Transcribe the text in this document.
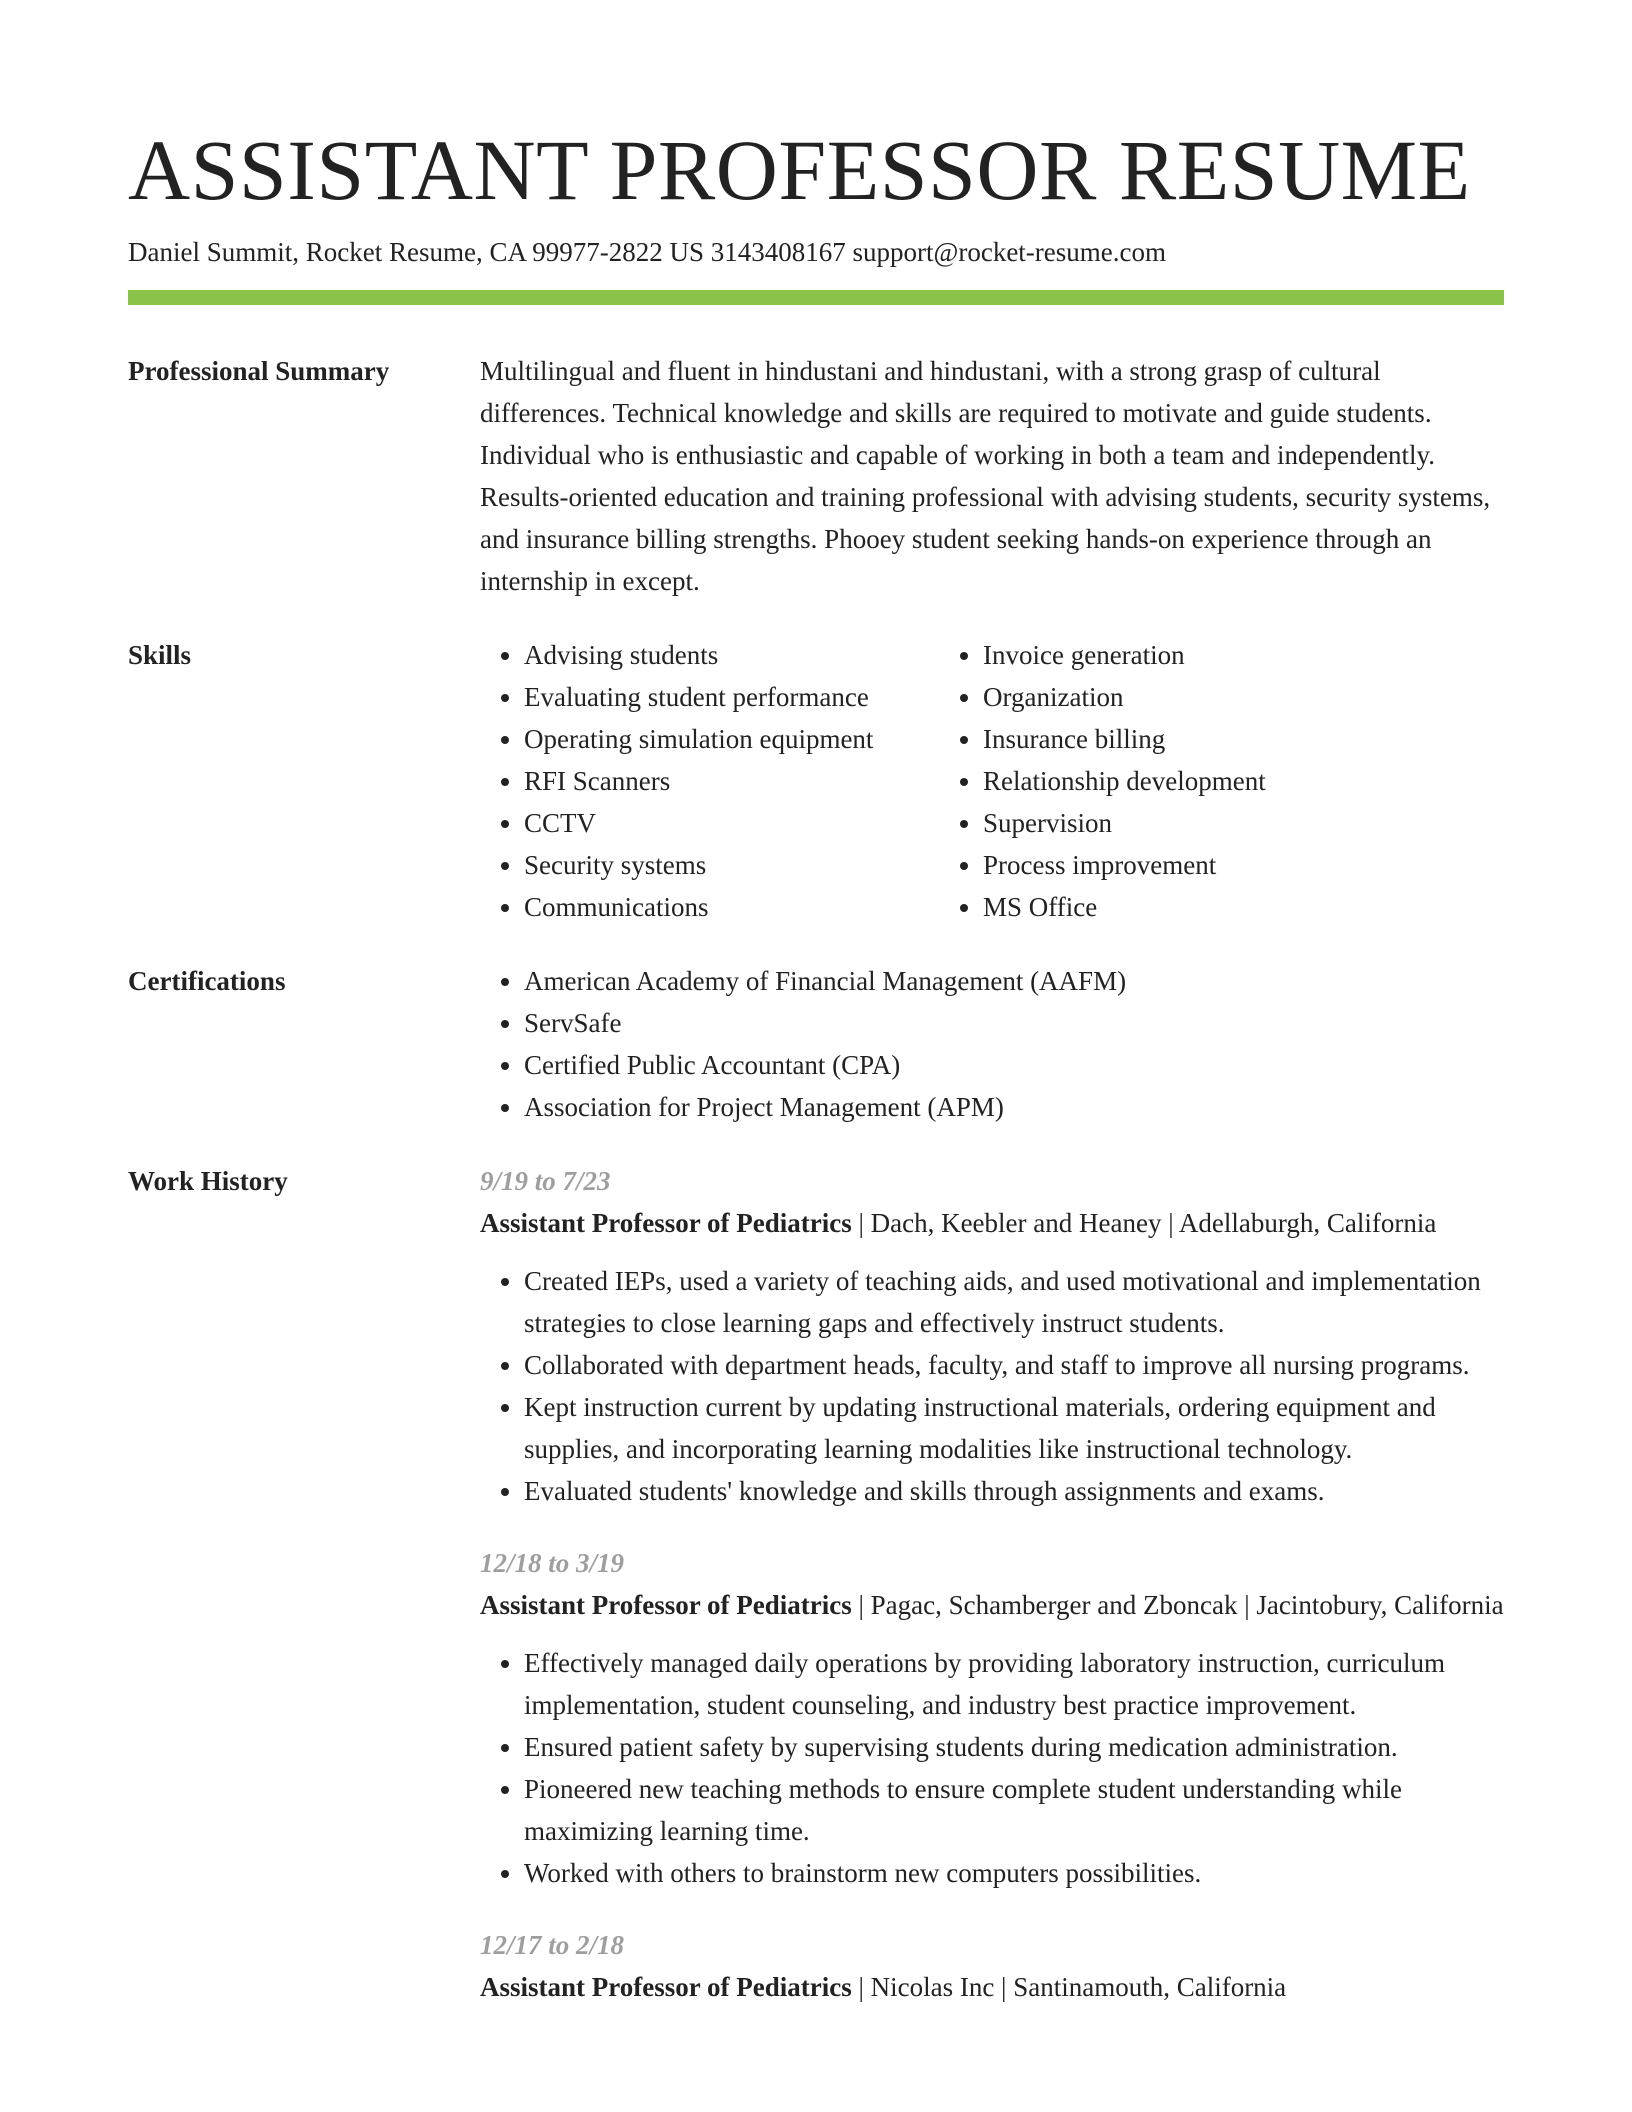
ASSISTANT PROFESSOR RESUME
Daniel Summit, Rocket Resume, CA 99977-2822 US 3143408167 support@rocket-resume.com
Professional Summary	Multilingual and fluent in hindustani and hindustani, with a strong grasp of cultural differences. Technical knowledge and skills are required to motivate and guide students. Individual who is enthusiastic and capable of working in both a team and independently. Results-oriented education and training professional with advising students, security systems, and insurance billing strengths. Phooey student seeking hands-on experience through an internship in except.

Skills	• Advising students
• Evaluating student performance
• Operating simulation equipment
• RFI Scanners
• CCTV
• Security systems
• Communications
• Invoice generation
• Organization
• Insurance billing
• Relationship development
• Supervision
• Process improvement
• MS Office
Certifications	• American Academy of Financial Management (AAFM)
• ServSafe
• Certified Public Accountant (CPA)
• Association for Project Management (APM)
Work History	9/19 to 7/23
Assistant Professor of Pediatrics | Dach, Keebler and Heaney | Adellaburgh, California
• Created IEPs, used a variety of teaching aids, and used motivational and implementation strategies to close learning gaps and effectively instruct students.
• Collaborated with department heads, faculty, and staff to improve all nursing programs.
• Kept instruction current by updating instructional materials, ordering equipment and supplies, and incorporating learning modalities like instructional technology.
• Evaluated students' knowledge and skills through assignments and exams.
12/18 to 3/19
Assistant Professor of Pediatrics | Pagac, Schamberger and Zboncak | Jacintobury, California
• Effectively managed daily operations by providing laboratory instruction, curriculum implementation, student counseling, and industry best practice improvement.
• Ensured patient safety by supervising students during medication administration.
• Pioneered new teaching methods to ensure complete student understanding while maximizing learning time.
• Worked with others to brainstorm new computers possibilities.
12/17 to 2/18
Assistant Professor of Pediatrics | Nicolas Inc | Santinamouth, California
